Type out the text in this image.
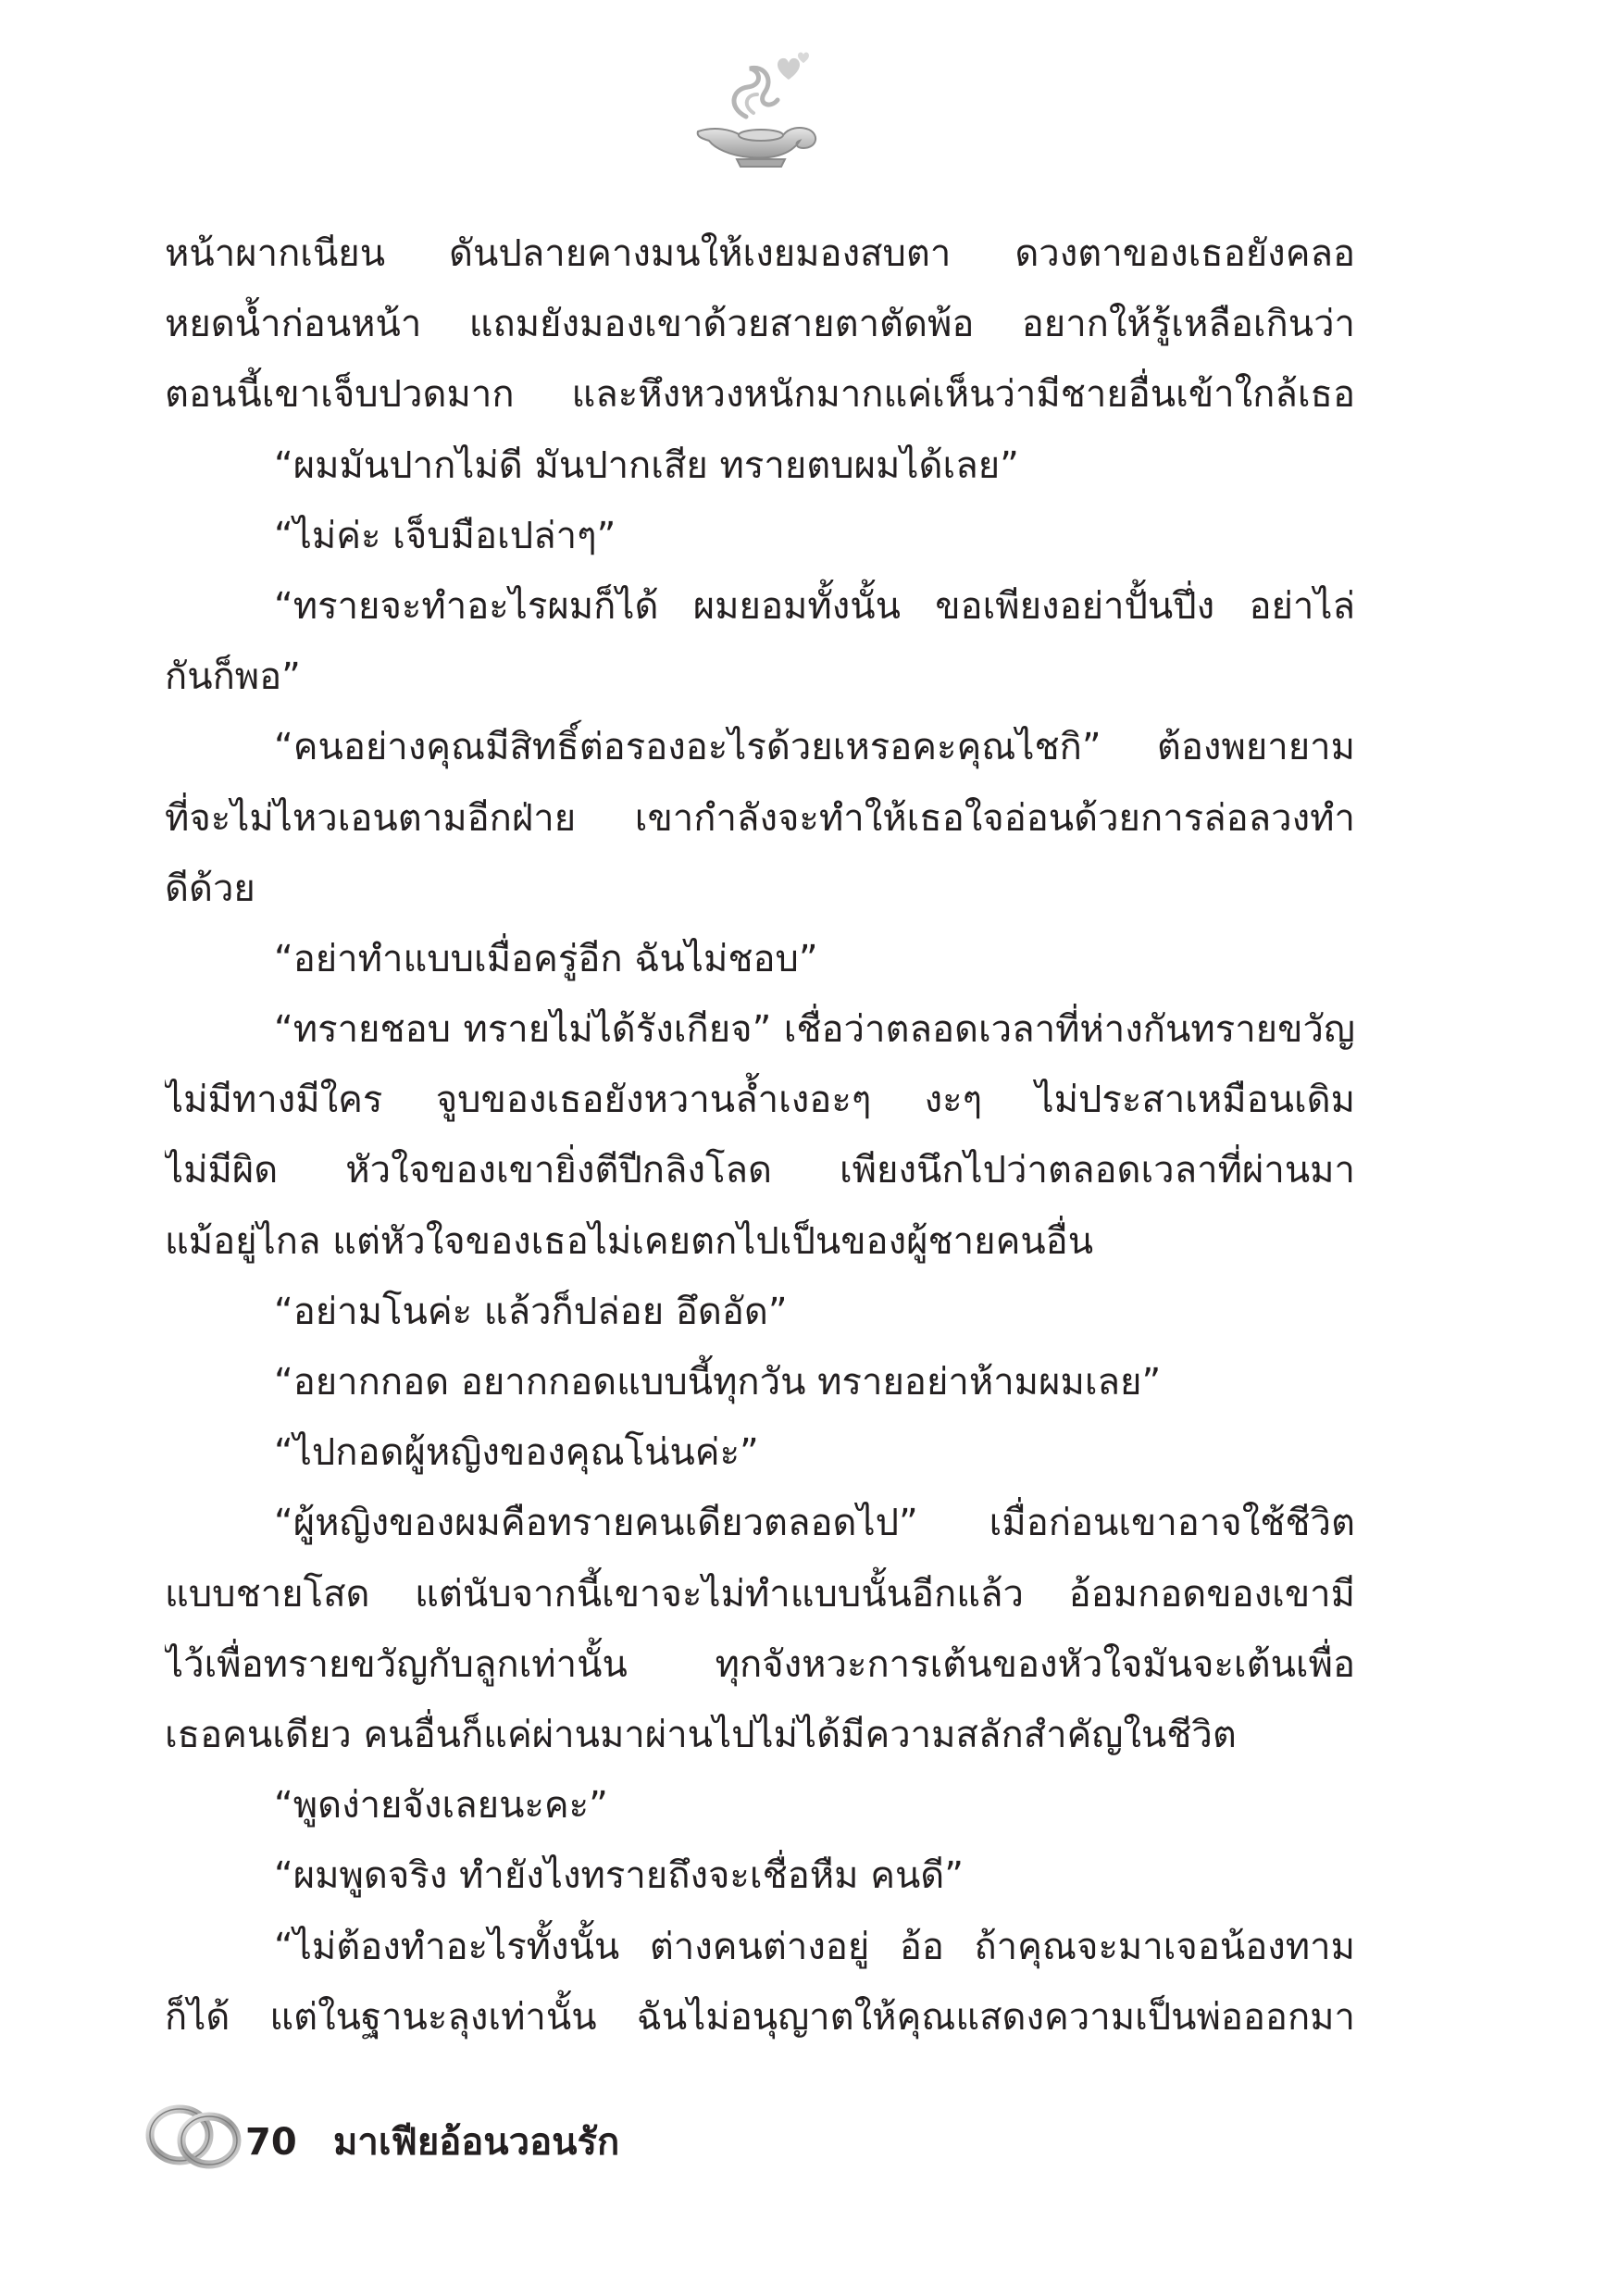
หน้าผากเนียน ดันปลายคางมนให้เงยมองสบตา ดวงตาของเธอยังคลอ
หยดน้ำก่อนหน้า แถมยังมองเขาด้วยสายตาตัดพ้อ อยากให้รู้เหลือเกินว่า
ตอนนี้เขาเจ็บปวดมาก และหึงหวงหนักมากแค่เห็นว่ามีชายอื่นเข้าใกล้เธอ
“ผมมันปากไม่ดี มันปากเสีย ทรายตบผมได้เลย”
“ไม่ค่ะ เจ็บมือเปล่าๆ”
“ทรายจะทำอะไรผมก็ได้ ผมยอมทั้งนั้น ขอเพียงอย่าปั้นปึ่ง อย่าไล่
กันก็พอ”
“คนอย่างคุณมีสิทธิ์ต่อรองอะไรด้วยเหรอคะคุณไชกิ” ต้องพยายาม
ที่จะไม่ไหวเอนตามอีกฝ่าย เขากำลังจะทำให้เธอใจอ่อนด้วยการล่อลวงทำ
ดีด้วย
“อย่าทำแบบเมื่อครู่อีก ฉันไม่ชอบ”
“ทรายชอบ ทรายไม่ได้รังเกียจ” เชื่อว่าตลอดเวลาที่ห่างกันทรายขวัญ
ไม่มีทางมีใคร จูบของเธอยังหวานล้ำเงอะๆ งะๆ ไม่ประสาเหมือนเดิม
ไม่มีผิด หัวใจของเขายิ่งตีปีกลิงโลด เพียงนึกไปว่าตลอดเวลาที่ผ่านมา
แม้อยู่ไกล แต่หัวใจของเธอไม่เคยตกไปเป็นของผู้ชายคนอื่น
“อย่ามโนค่ะ แล้วก็ปล่อย อึดอัด”
“อยากกอด อยากกอดแบบนี้ทุกวัน ทรายอย่าห้ามผมเลย”
“ไปกอดผู้หญิงของคุณโน่นค่ะ”
“ผู้หญิงของผมคือทรายคนเดียวตลอดไป” เมื่อก่อนเขาอาจใช้ชีวิต
แบบชายโสด แต่นับจากนี้เขาจะไม่ทำแบบนั้นอีกแล้ว อ้อมกอดของเขามี
ไว้เพื่อทรายขวัญกับลูกเท่านั้น ทุกจังหวะการเต้นของหัวใจมันจะเต้นเพื่อ
เธอคนเดียว คนอื่นก็แค่ผ่านมาผ่านไปไม่ได้มีความสลักสำคัญในชีวิต
“พูดง่ายจังเลยนะคะ”
“ผมพูดจริง ทำยังไงทรายถึงจะเชื่อหืม คนดี”
“ไม่ต้องทำอะไรทั้งนั้น ต่างคนต่างอยู่ อ้อ ถ้าคุณจะมาเจอน้องทาม
ก็ได้ แต่ในฐานะลุงเท่านั้น ฉันไม่อนุญาตให้คุณแสดงความเป็นพ่อออกมา
70 มาเฟียอ้อนวอนรัก
